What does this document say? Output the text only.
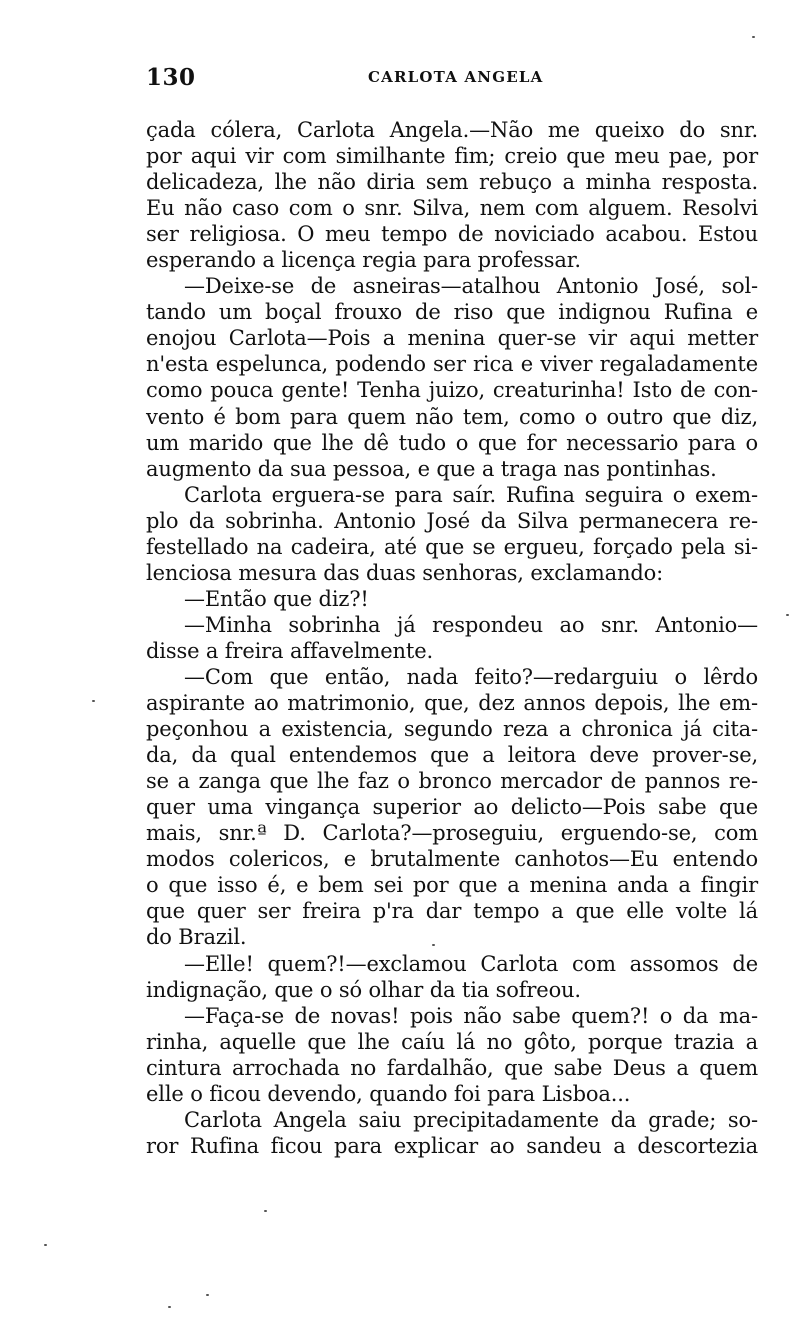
130	CARLOTA ANGELA
çada cólera, Carlota Angela.—Não me queixo do snr.
por aqui vir com similhante fim; creio que meu pae, por
delicadeza, lhe não diria sem rebuço a minha resposta.
Eu não caso com o snr. Silva, nem com alguem. Resolvi
ser religiosa. O meu tempo de noviciado acabou. Estou
esperando a licença regia para professar.
—Deixe-se de asneiras—atalhou Antonio José, sol-
tando um boçal frouxo de riso que indignou Rufina e
enojou Carlota—Pois a menina quer-se vir aqui metter
n'esta espelunca, podendo ser rica e viver regaladamente
como pouca gente! Tenha juizo, creaturinha! Isto de con-
vento é bom para quem não tem, como o outro que diz,
um marido que lhe dê tudo o que for necessario para o
augmento da sua pessoa, e que a traga nas pontinhas.
Carlota erguera-se para saír. Rufina seguira o exem-
plo da sobrinha. Antonio José da Silva permanecera re-
festellado na cadeira, até que se ergueu, forçado pela si-
lenciosa mesura das duas senhoras, exclamando:
—Então que diz?!
—Minha sobrinha já respondeu ao snr. Antonio—
disse a freira affavelmente.
—Com que então, nada feito?—redarguiu o lêrdo
aspirante ao matrimonio, que, dez annos depois, lhe em-
peçonhou a existencia, segundo reza a chronica já cita-
da, da qual entendemos que a leitora deve prover-se,
se a zanga que lhe faz o bronco mercador de pannos re-
quer uma vingança superior ao delicto—Pois sabe que
mais, snr.ª D. Carlota?—proseguiu, erguendo-se, com
modos colericos, e brutalmente canhotos—Eu entendo
o que isso é, e bem sei por que a menina anda a fingir
que quer ser freira p'ra dar tempo a que elle volte lá
do Brazil.
—Elle! quem?!—exclamou Carlota com assomos de
indignação, que o só olhar da tia sofreou.
—Faça-se de novas! pois não sabe quem?! o da ma-
rinha, aquelle que lhe caíu lá no gôto, porque trazia a
cintura arrochada no fardalhão, que sabe Deus a quem
elle o ficou devendo, quando foi para Lisboa...
Carlota Angela saiu precipitadamente da grade; so-
ror Rufina ficou para explicar ao sandeu a descortezia
